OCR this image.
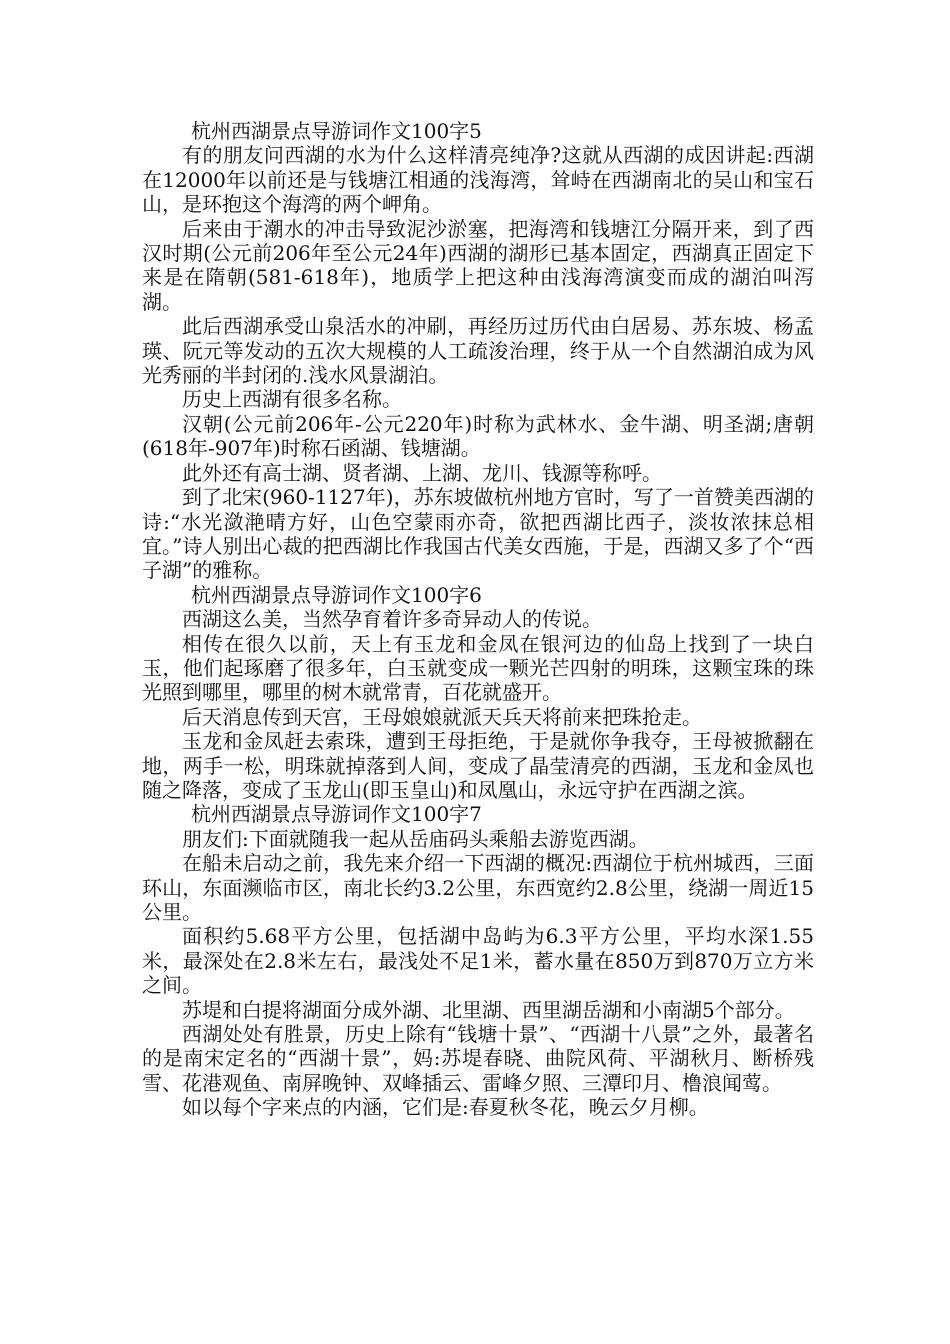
杭州西湖景点导游词作文100字5

有的朋友问西湖的水为什么这样清亮纯净?这就从西湖的成因讲起:西湖在12000年以前还是与钱塘江相通的浅海湾，耸峙在西湖南北的吴山和宝石山，是环抱这个海湾的两个岬角。

后来由于潮水的冲击导致泥沙淤塞，把海湾和钱塘江分隔开来，到了西汉时期(公元前206年至公元24年)西湖的湖形已基本固定，西湖真正固定下来是在隋朝(581-618年)，地质学上把这种由浅海湾演变而成的湖泊叫泻湖。

此后西湖承受山泉活水的冲刷，再经历过历代由白居易、苏东坡、杨孟瑛、阮元等发动的五次大规模的人工疏浚治理，终于从一个自然湖泊成为风光秀丽的半封闭的.浅水风景湖泊。

历史上西湖有很多名称。

汉朝(公元前206年-公元220年)时称为武林水、金牛湖、明圣湖;唐朝(618年-907年)时称石函湖、钱塘湖。

此外还有高士湖、贤者湖、上湖、龙川、钱源等称呼。

到了北宋(960-1127年)，苏东坡做杭州地方官时，写了一首赞美西湖的诗:“水光潋滟晴方好，山色空蒙雨亦奇，欲把西湖比西子，淡妆浓抹总相宜。”诗人别出心裁的把西湖比作我国古代美女西施，于是，西湖又多了个“西子湖”的雅称。

杭州西湖景点导游词作文100字6

西湖这么美，当然孕育着许多奇异动人的传说。

相传在很久以前，天上有玉龙和金凤在银河边的仙岛上找到了一块白玉，他们起琢磨了很多年，白玉就变成一颗光芒四射的明珠，这颗宝珠的珠光照到哪里，哪里的树木就常青，百花就盛开。

后天消息传到天宫，王母娘娘就派天兵天将前来把珠抢走。

玉龙和金凤赶去索珠，遭到王母拒绝，于是就你争我夺，王母被掀翻在地，两手一松，明珠就掉落到人间，变成了晶莹清亮的西湖，玉龙和金凤也随之降落，变成了玉龙山(即玉皇山)和凤凰山，永远守护在西湖之滨。

杭州西湖景点导游词作文100字7

朋友们:下面就随我一起从岳庙码头乘船去游览西湖。

在船未启动之前，我先来介绍一下西湖的概况:西湖位于杭州城西，三面环山，东面濒临市区，南北长约3.2公里，东西宽约2.8公里，绕湖一周近15公里。

面积约5.68平方公里，包括湖中岛屿为6.3平方公里，平均水深1.55米，最深处在2.8米左右，最浅处不足1米，蓄水量在850万到870万立方米之间。

苏堤和白提将湖面分成外湖、北里湖、西里湖岳湖和小南湖5个部分。

西湖处处有胜景，历史上除有“钱塘十景”、“西湖十八景”之外，最著名的是南宋定名的“西湖十景”，妈:苏堤春晓、曲院风荷、平湖秋月、断桥残雪、花港观鱼、南屏晚钟、双峰插云、雷峰夕照、三潭印月、橹浪闻莺。

如以每个字来点的内涵，它们是:春夏秋冬花，晚云夕月柳。
